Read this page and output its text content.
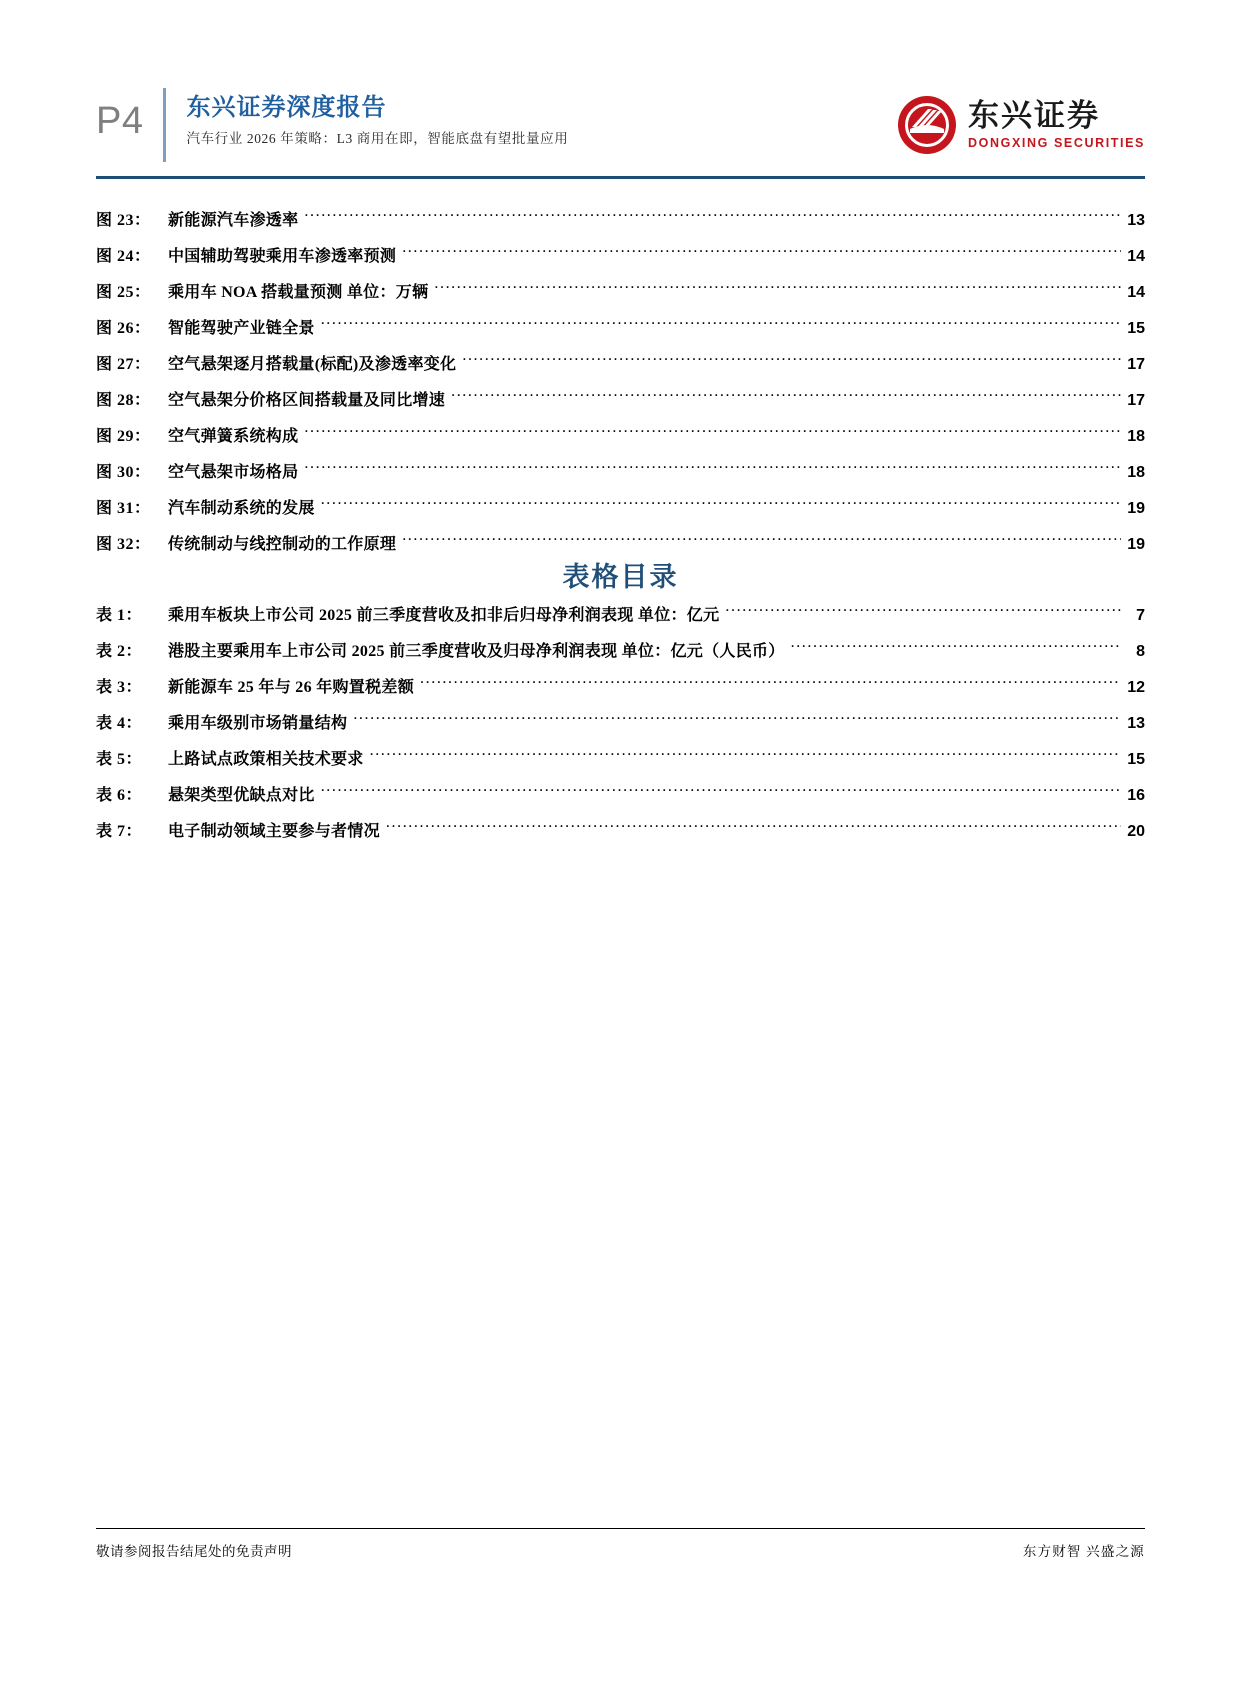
P4	东兴证券深度报告
汽车行业 2026 年策略：L3 商用在即，智能底盘有望批量应用
东兴证券
DONGXING SECURITIES
图 23：	新能源汽车渗透率 .....	13
图 24：	中国辅助驾驶乘用车渗透率预测 .....	14
图 25：	乘用车 NOA 搭载量预测 单位：万辆 .....	14
图 26：	智能驾驶产业链全景 .....	15
图 27：	空气悬架逐月搭载量(标配)及渗透率变化 .....	17
图 28：	空气悬架分价格区间搭载量及同比增速 .....	17
图 29：	空气弹簧系统构成 .....	18
图 30：	空气悬架市场格局 .....	18
图 31：	汽车制动系统的发展 .....	19
图 32：	传统制动与线控制动的工作原理 .....	19
表格目录
表 1：	乘用车板块上市公司 2025 前三季度营收及扣非后归母净利润表现 单位：亿元 .....	7
表 2：	港股主要乘用车上市公司 2025 前三季度营收及归母净利润表现 单位：亿元（人民币） .....	8
表 3：	新能源车 25 年与 26 年购置税差额 .....	12
表 4：	乘用车级别市场销量结构 .....	13
表 5：	上路试点政策相关技术要求 .....	15
表 6：	悬架类型优缺点对比 .....	16
表 7：	电子制动领域主要参与者情况 .....	20
敬请参阅报告结尾处的免责声明	东方财智 兴盛之源
